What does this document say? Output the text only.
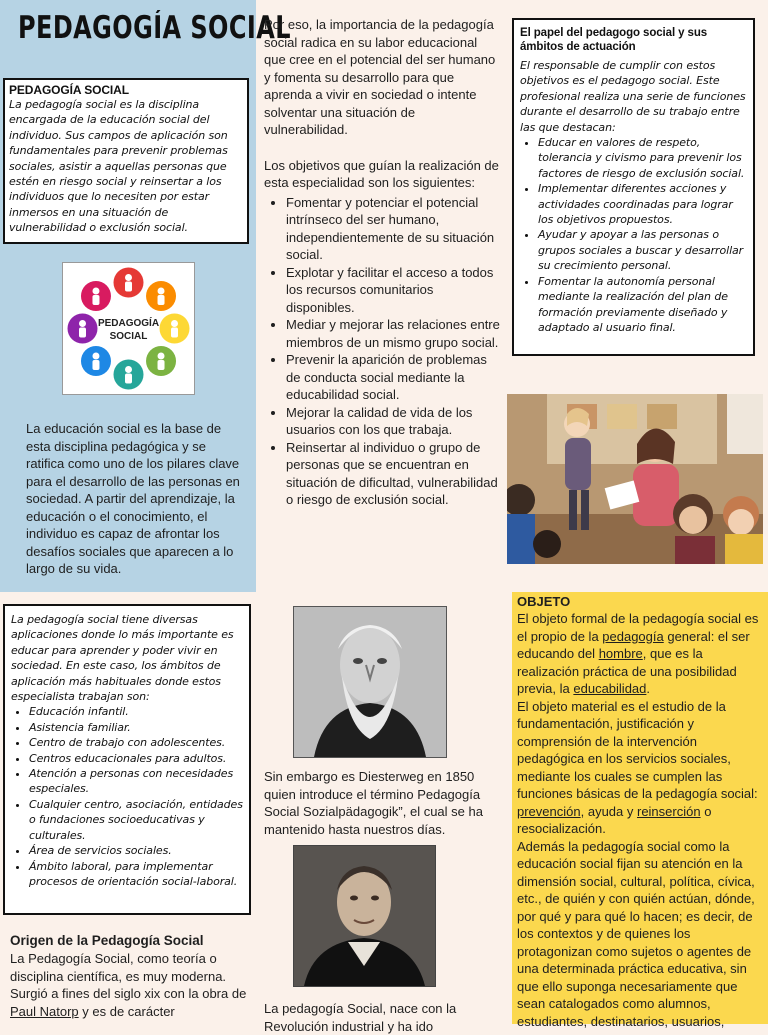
PEDAGOGÍA SOCIAL
PEDAGOGÍA SOCIAL
La pedagogía social es la disciplina encargada de la educación social del individuo. Sus campos de aplicación son fundamentales para prevenir problemas sociales, asistir a aquellas personas que estén en riesgo social y reinsertar a los individuos que lo necesiten por estar inmersos en una situación de vulnerabilidad o exclusión social.
PEDAGOGÍA
SOCIAL
La educación social es la base de esta disciplina pedagógica y se ratifica como uno de los pilares clave para el desarrollo de las personas en sociedad. A partir del aprendizaje, la educación o el conocimiento, el individuo es capaz de afrontar los desafíos sociales que aparecen a lo largo de su vida.

Por eso, la importancia de la pedagogía social radica en su labor educacional que cree en el potencial del ser humano y fomenta su desarrollo para que aprenda a vivir en sociedad o intente solventar una situación de vulnerabilidad.

Los objetivos que guían la realización de esta especialidad son los siguientes:

• Fomentar y potenciar el potencial intrínseco del ser humano, independientemente de su situación social.
• Explotar y facilitar el acceso a todos los recursos comunitarios disponibles.
• Mediar y mejorar las relaciones entre miembros de un mismo grupo social.
• Prevenir la aparición de problemas de conducta social mediante la educabilidad social.
• Mejorar la calidad de vida de los usuarios con los que trabaja.
• Reinsertar al individuo o grupo de personas que se encuentran en situación de dificultad, vulnerabilidad o riesgo de exclusión social.
El papel del pedagogo social y sus ámbitos de actuación
El responsable de cumplir con estos objetivos es el pedagogo social. Este profesional realiza una serie de funciones durante el desarrollo de su trabajo entre las que destacan:
• Educar en valores de respeto, tolerancia y civismo para prevenir los factores de riesgo de exclusión social.
• Implementar diferentes acciones y actividades coordinadas para lograr los objetivos propuestos.
• Ayudar y apoyar a las personas o grupos sociales a buscar y desarrollar su crecimiento personal.
• Fomentar la autonomía personal mediante la realización del plan de formación previamente diseñado y adaptado al usuario final.
La pedagogía social tiene diversas aplicaciones donde lo más importante es educar para aprender y poder vivir en sociedad. En este caso, los ámbitos de aplicación más habituales donde estos especialista trabajan son:
• Educación infantil.
• Asistencia familiar.
• Centro de trabajo con adolescentes.
• Centros educacionales para adultos.
• Atención a personas con necesidades especiales.
• Cualquier centro, asociación, entidades o fundaciones socioeducativas y culturales.
• Área de servicios sociales.
• Ámbito laboral, para implementar procesos de orientación social-laboral.
Origen de la Pedagogía Social
La Pedagogía Social, como teoría o disciplina científica, es muy moderna. Surgió a fines del siglo xix con la obra de Paul Natorp y es de carácter
Sin embargo es Diesterweg en 1850 quien introduce el término Pedagogía Social Sozialpädagogik”, el cual se ha mantenido hasta nuestros días.
La pedagogía Social, nace con la Revolución industrial y ha ido
OBJETO
El objeto formal de la pedagogía social es el propio de la pedagogía general: el ser educando del hombre, que es la realización práctica de una posibilidad previa, la educabilidad.
El objeto material es el estudio de la fundamentación, justificación y comprensión de la intervención pedagógica en los servicios sociales, mediante los cuales se cumplen las funciones básicas de la pedagogía social: prevención, ayuda y reinserción o resocialización.
Además la pedagogía social como la educación social fijan su atención en la dimensión social, cultural, política, cívica, etc., de quién y con quién actúan, dónde, por qué y para qué lo hacen; es decir, de los contextos y de quienes los protagonizan como sujetos o agentes de una determinada práctica educativa, sin que ello suponga necesariamente que sean catalogados como alumnos, estudiantes, destinatarios, usuarios,
